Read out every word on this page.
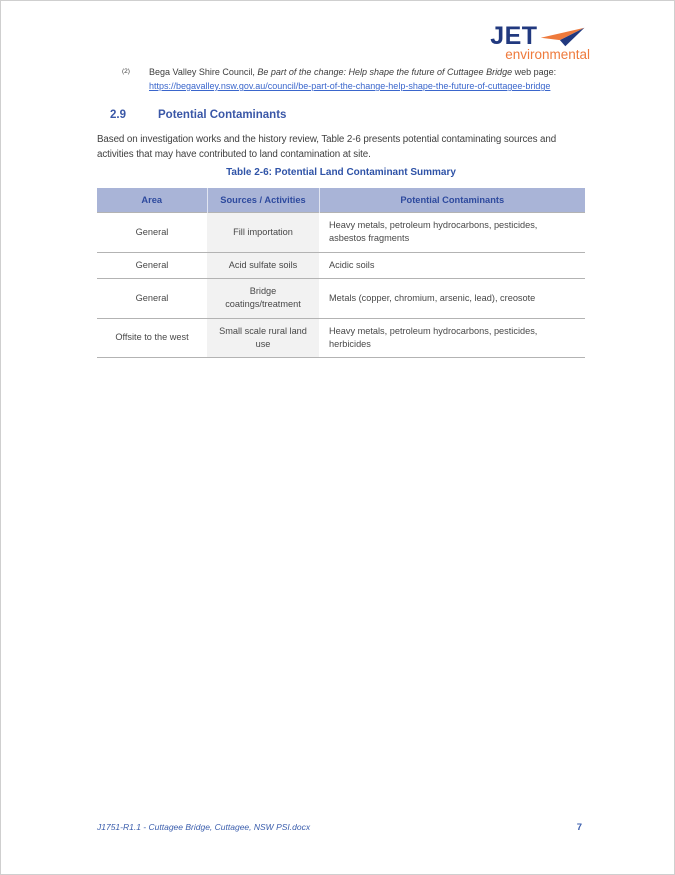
JET
environmental
(2)	Bega Valley Shire Council, Be part of the change: Help shape the future of Cuttagee Bridge web page: https://begavalley.nsw.gov.au/council/be-part-of-the-change-help-shape-the-future-of-cuttagee-bridge
2.9	Potential Contaminants

Based on investigation works and the history review, Table 2-6 presents potential contaminating sources and activities that may have contributed to land contamination at site.

Table 2-6: Potential Land Contaminant Summary
Area	Sources / Activities	Potential Contaminants
General	Fill importation	Heavy metals, petroleum hydrocarbons, pesticides, asbestos fragments
General	Acid sulfate soils	Acidic soils
General	Bridge coatings/treatment	Metals (copper, chromium, arsenic, lead), creosote
Offsite to the west	Small scale rural land use	Heavy metals, petroleum hydrocarbons, pesticides, herbicides
J1751-R1.1 - Cuttagee Bridge, Cuttagee, NSW PSI.docx	7
